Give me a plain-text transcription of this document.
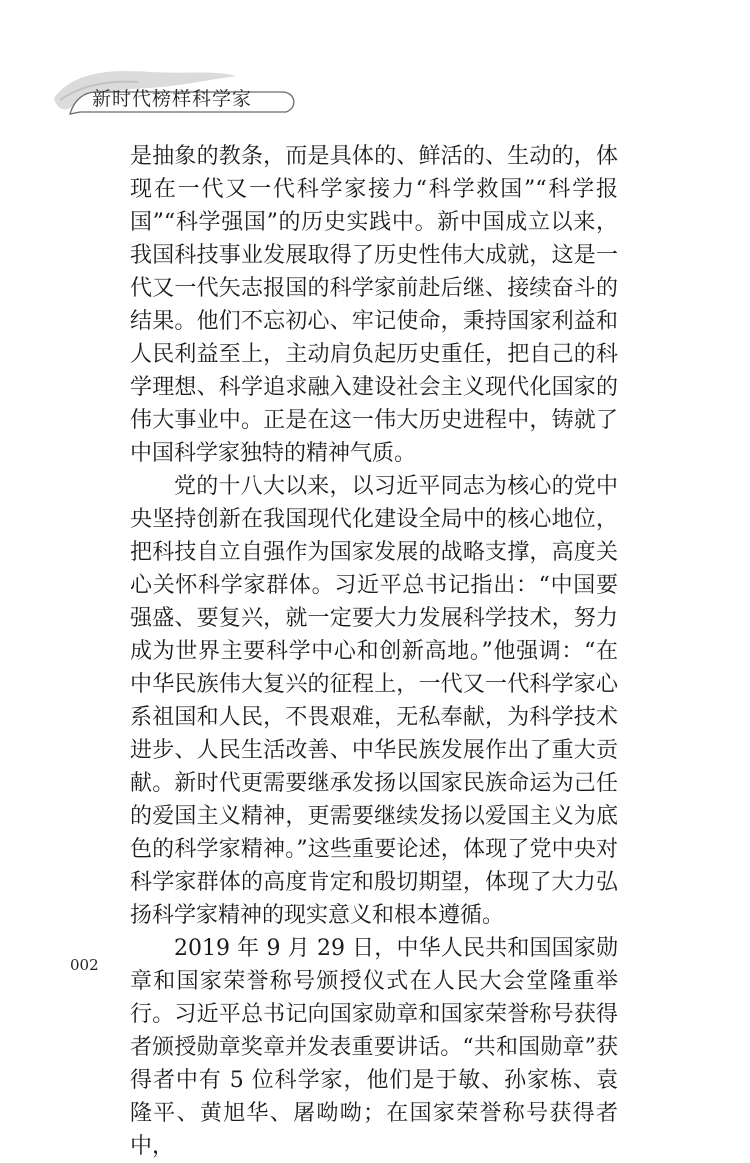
新时代榜样科学家

是抽象的教条，而是具体的、鲜活的、生动的，体现在一代又一代科学家接力“科学救国”“科学报国”“科学强国”的历史实践中。新中国成立以来，我国科技事业发展取得了历史性伟大成就，这是一代又一代矢志报国的科学家前赴后继、接续奋斗的结果。他们不忘初心、牢记使命，秉持国家利益和人民利益至上，主动肩负起历史重任，把自己的科学理想、科学追求融入建设社会主义现代化国家的伟大事业中。正是在这一伟大历史进程中，铸就了中国科学家独特的精神气质。

党的十八大以来，以习近平同志为核心的党中央坚持创新在我国现代化建设全局中的核心地位，把科技自立自强作为国家发展的战略支撑，高度关心关怀科学家群体。习近平总书记指出：“中国要强盛、要复兴，就一定要大力发展科学技术，努力成为世界主要科学中心和创新高地。”他强调：“在中华民族伟大复兴的征程上，一代又一代科学家心系祖国和人民，不畏艰难，无私奉献，为科学技术进步、人民生活改善、中华民族发展作出了重大贡献。新时代更需要继承发扬以国家民族命运为己任的爱国主义精神，更需要继续发扬以爱国主义为底色的科学家精神。”这些重要论述，体现了党中央对科学家群体的高度肯定和殷切期望，体现了大力弘扬科学家精神的现实意义和根本遵循。

2019 年 9 月 29 日，中华人民共和国国家勋章和国家荣誉称号颁授仪式在人民大会堂隆重举行。习近平总书记向国家勋章和国家荣誉称号获得者颁授勋章奖章并发表重要讲话。“共和国勋章”获得者中有 5 位科学家，他们是于敏、孙家栋、袁隆平、黄旭华、屠呦呦；在国家荣誉称号获得者中，

002
